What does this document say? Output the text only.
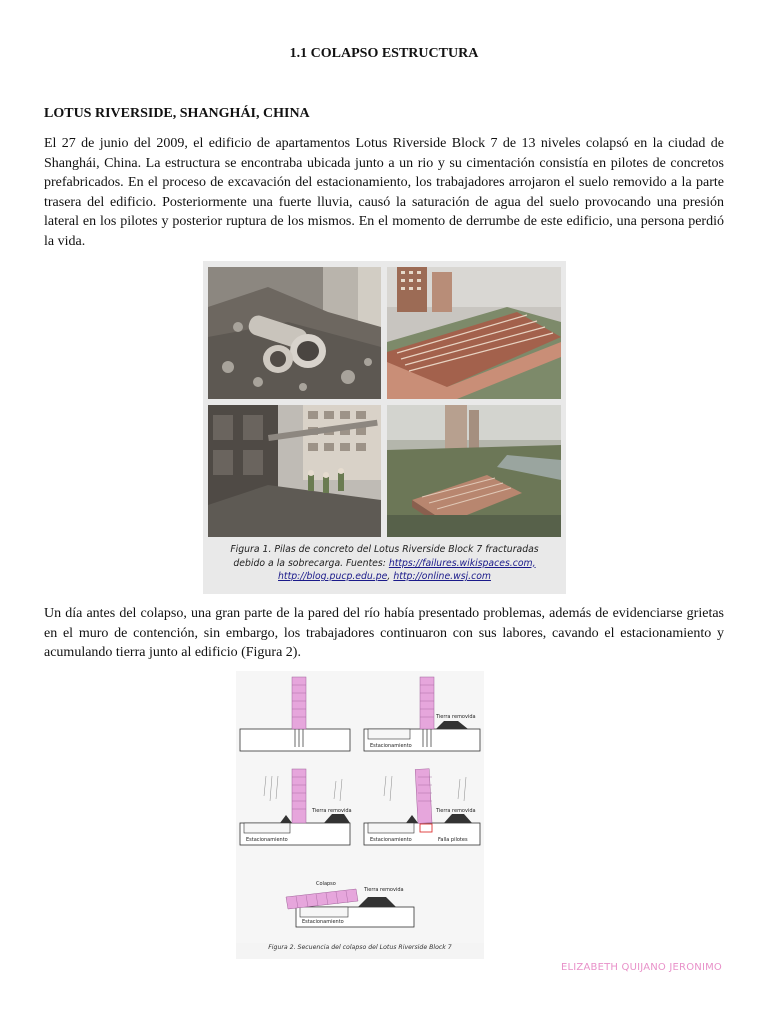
1.1 COLAPSO ESTRUCTURA
LOTUS RIVERSIDE, SHANGHÁI, CHINA
El 27 de junio del 2009, el edificio de apartamentos Lotus Riverside Block 7 de 13 niveles colapsó en la ciudad de Shanghái, China. La estructura se encontraba ubicada junto a un rio y su cimentación consistía en pilotes de concretos prefabricados. En el proceso de excavación del estacionamiento, los trabajadores arrojaron el suelo removido a la parte trasera del edificio. Posteriormente una fuerte lluvia, causó la saturación de agua del suelo provocando una presión lateral en los pilotes y posterior ruptura de los mismos. En el momento de derrumbe de este edificio, una persona perdió la vida.
Figura 1. Pilas de concreto del Lotus Riverside Block 7 fracturadas
debido a la sobrecarga. Fuentes: https://failures.wikispaces.com,
http://blog.pucp.edu.pe, http://online.wsj.com
Un día antes del colapso, una gran parte de la pared del río había presentado problemas, además de evidenciarse grietas en el muro de contención, sin embargo, los trabajadores continuaron con sus labores, cavando el estacionamiento y acumulando tierra junto al edificio (Figura 2).
Tierra removida
Estacionamiento
Tierra removida
Estacionamiento
Tierra removida
Estacionamiento	Falla pilotes
Colapso
Tierra removida
Estacionamiento
Figura 2. Secuencia del colapso del Lotus Riverside Block 7
ELIZABETH QUIJANO JERONIMO
